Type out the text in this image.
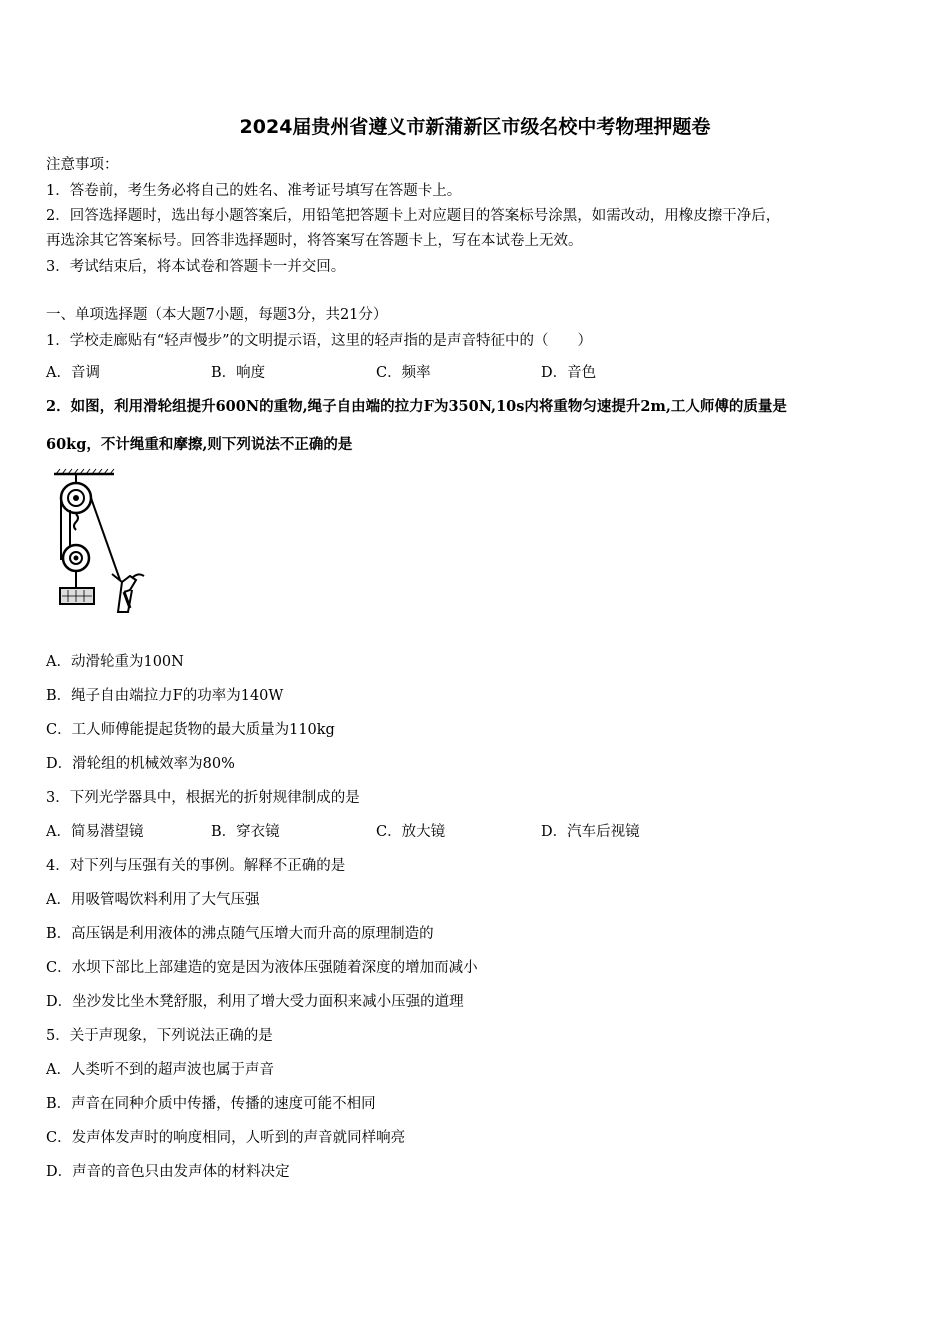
2024届贵州省遵义市新蒲新区市级名校中考物理押题卷
注意事项：
1．答卷前，考生务必将自己的姓名、准考证号填写在答题卡上。
2．回答选择题时，选出每小题答案后，用铅笔把答题卡上对应题目的答案标号涂黑，如需改动，用橡皮擦干净后，
再选涂其它答案标号。回答非选择题时，将答案写在答题卡上，写在本试卷上无效。
3．考试结束后，将本试卷和答题卡一并交回。
一、单项选择题（本大题7小题，每题3分，共21分）
1．学校走廊贴有“轻声慢步”的文明提示语，这里的轻声指的是声音特征中的（　　）
A．音调	B．响度	C．频率	D．音色
2．如图，利用滑轮组提升600N的重物,绳子自由端的拉力F为350N,10s内将重物匀速提升2m,工人师傅的质量是
60kg，不计绳重和摩擦,则下列说法不正确的是
A．动滑轮重为100N
B．绳子自由端拉力F的功率为140W
C．工人师傅能提起货物的最大质量为110kg
D．滑轮组的机械效率为80%
3．下列光学器具中，根据光的折射规律制成的是
A．简易潜望镜	B．穿衣镜	C．放大镜	D．汽车后视镜
4．对下列与压强有关的事例。解释不正确的是
A．用吸管喝饮料利用了大气压强
B．高压锅是利用液体的沸点随气压增大而升高的原理制造的
C．水坝下部比上部建造的宽是因为液体压强随着深度的增加而减小
D．坐沙发比坐木凳舒服，利用了增大受力面积来减小压强的道理
5．关于声现象，下列说法正确的是
A．人类听不到的超声波也属于声音
B．声音在同种介质中传播，传播的速度可能不相同
C．发声体发声时的响度相同，人听到的声音就同样响亮
D．声音的音色只由发声体的材料决定
